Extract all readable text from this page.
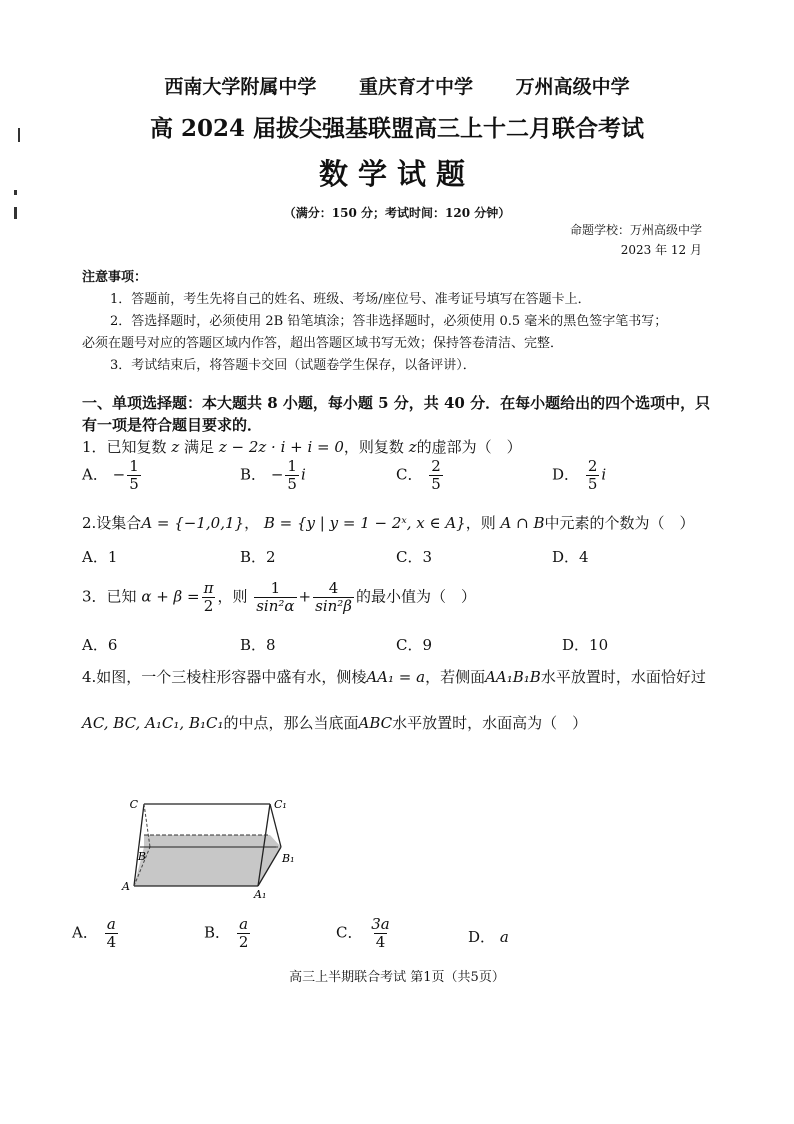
西南大学附属中学 重庆育才中学 万州高级中学
高 2024 届拔尖强基联盟高三上十二月联合考试
数学试题
（满分：150 分；考试时间：120 分钟）
命题学校：万州高级中学
2023 年 12 月
注意事项：
1．答题前，考生先将自己的姓名、班级、考场/座位号、准考证号填写在答题卡上．
2．答选择题时，必须使用 2B 铅笔填涂；答非选择题时，必须使用 0.5 毫米的黑色签字笔书写；
必须在题号对应的答题区域内作答，超出答题区域书写无效；保持答卷清洁、完整．
3．考试结束后，将答题卡交回（试题卷学生保存，以备评讲）．
一、单项选择题：本大题共 8 小题，每小题 5 分，共 40 分．在每小题给出的四个选项中，只
有一项是符合题目要求的．
1．已知复数 z 满足 z − 2z · i + i = 0，则复数 z的虚部为（　）
A． − $\frac{1}{5}$	B． − $\frac{1}{5}$ i	C． $\frac{2}{5}$	D． $\frac{2}{5}$ i
2.设集合A = {−1,0,1}， B = {y | y = 1 − 2ˣ, x ∈ A}，则 A ∩ B中元素的个数为（　）
A．1	B．2	C．3	D．4
3．已知 $\alpha + \beta = \frac{\pi}{2}$ ，则 $\frac{1}{\text{sin²α}} + \frac{4}{\text{sin²β}}$ 的最小值为（　）
A．6	B．8	C．9	D．10
4.如图，一个三棱柱形容器中盛有水，侧棱AA₁ = a，若侧面AA₁B₁B水平放置时，水面恰好过
AC, BC, A₁C₁, B₁C₁的中点，那么当底面ABC水平放置时，水面高为（　）
C	C₁
B	B₁
A
A₁
A． $\frac{a}{4}$	B． $\frac{a}{2}$	C． $\frac{3a}{4}$	D． a
高三上半期联合考试 第1页（共5页）
